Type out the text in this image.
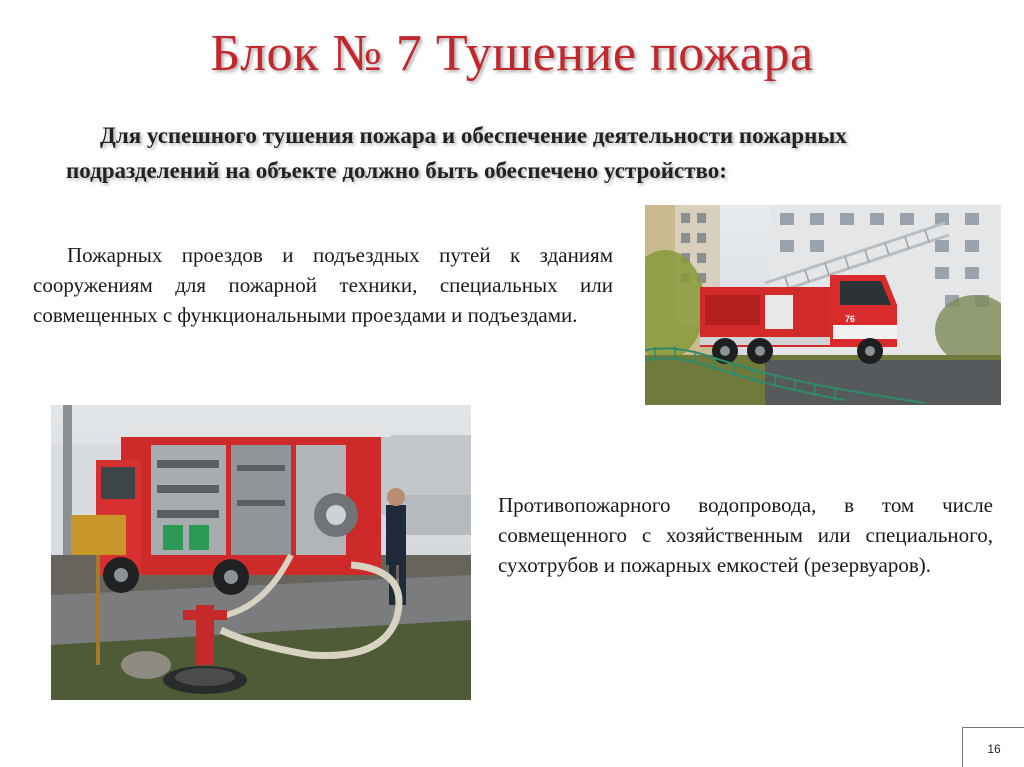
Блок № 7 Тушение пожара

Для успешного тушения пожара и обеспечение деятельности пожарных подразделений на объекте должно быть обеспечено устройство:

Пожарных проездов и подъездных путей к зданиям сооружениям для пожарной техники, специальных или совмещенных с функциональными проездами и подъездами.	76

Противопожарного водопровода, в том числе совмещенного с хозяйственным или специального, сухотрубов и пожарных емкостей (резервуаров).

16
